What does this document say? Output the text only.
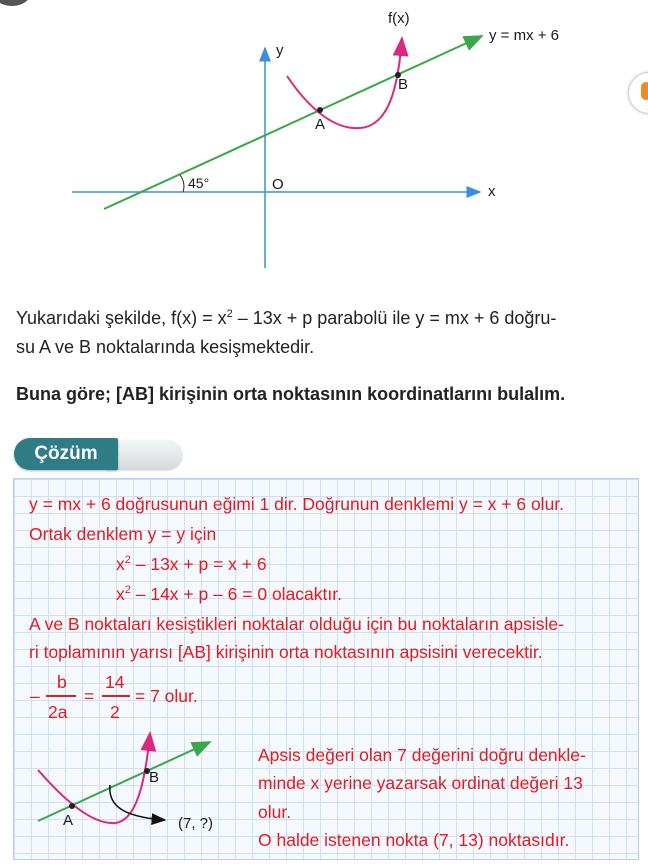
f(x)
y = mx + 6
y
x
O
45°
A
B
Yukarıdaki şekilde, $f(x) = x^2 - 13x + p$ parabolü ile y = mx + 6 doğru-
su A ve B noktalarında kesişmektedir.
Buna göre; [AB] kirişinin orta noktasının koordinatlarını bulalım.
Çözüm
y = mx + 6 doğrusunun eğimi 1 dir. Doğrunun denklemi y = x + 6 olur.
Ortak denklem y = y için
$x^2 - 13x + p = x + 6$
$x^2 - 14x + p - 6 = 0$ olacaktır.
A ve B noktaları kesiştikleri noktalar olduğu için bu noktaların apsisle-
ri toplamının yarısı [AB] kirişinin orta noktasının apsisini verecektir.
–
b
2a
=
14
2
= 7 olur.
A
B
(7, ?)
Apsis değeri olan 7 değerini doğru denkle-
minde x yerine yazarsak ordinat değeri 13
olur.
O halde istenen nokta (7, 13) noktasıdır.
